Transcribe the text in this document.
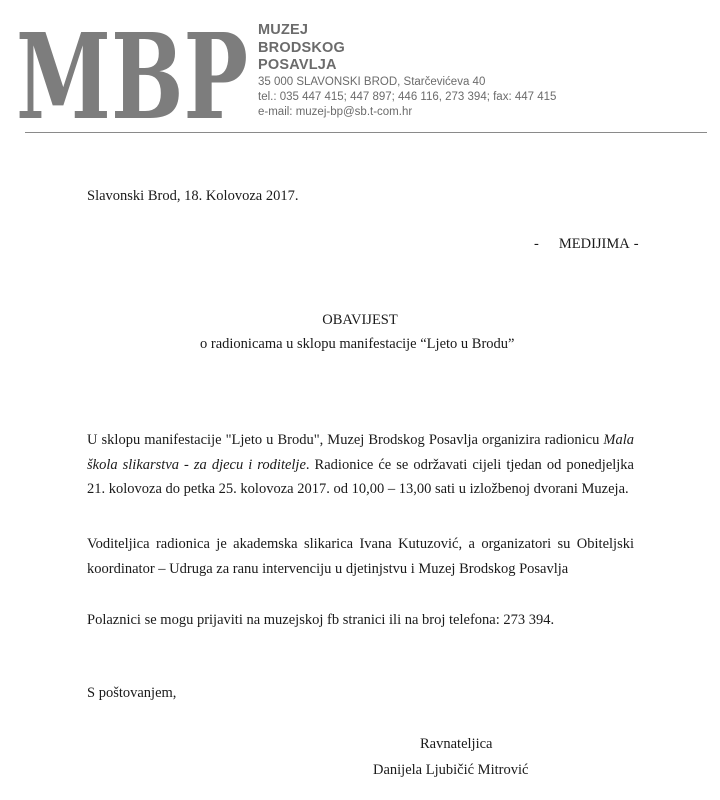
MBP MUZEJ
BRODSKOG
POSAVLJA
35 000 SLAVONSKI BROD, Starčevićeva 40
tel.: 035 447 415; 447 897; 446 116, 273 394; fax: 447 415
e-mail: muzej-bp@sb.t-com.hr
Slavonski Brod, 18. Kolovoza 2017.
- MEDIJIMA -
OBAVIJEST
o radionicama u sklopu manifestacije “Ljeto u Brodu”
U sklopu manifestacije "Ljeto u Brodu", Muzej Brodskog Posavlja organizira radionicu Mala škola slikarstva - za djecu i roditelje. Radionice će se održavati cijeli tjedan od ponedjeljka 21. kolovoza do petka 25. kolovoza 2017. od 10,00 – 13,00 sati u izložbenoj dvorani Muzeja.
Voditeljica radionica je akademska slikarica Ivana Kutuzović, a organizatori su Obiteljski koordinator – Udruga za ranu intervenciju u djetinjstvu i Muzej Brodskog Posavlja
Polaznici se mogu prijaviti na muzejskoj fb stranici ili na broj telefona: 273 394.
S poštovanjem,
Ravnateljica
Danijela Ljubičić Mitrović
